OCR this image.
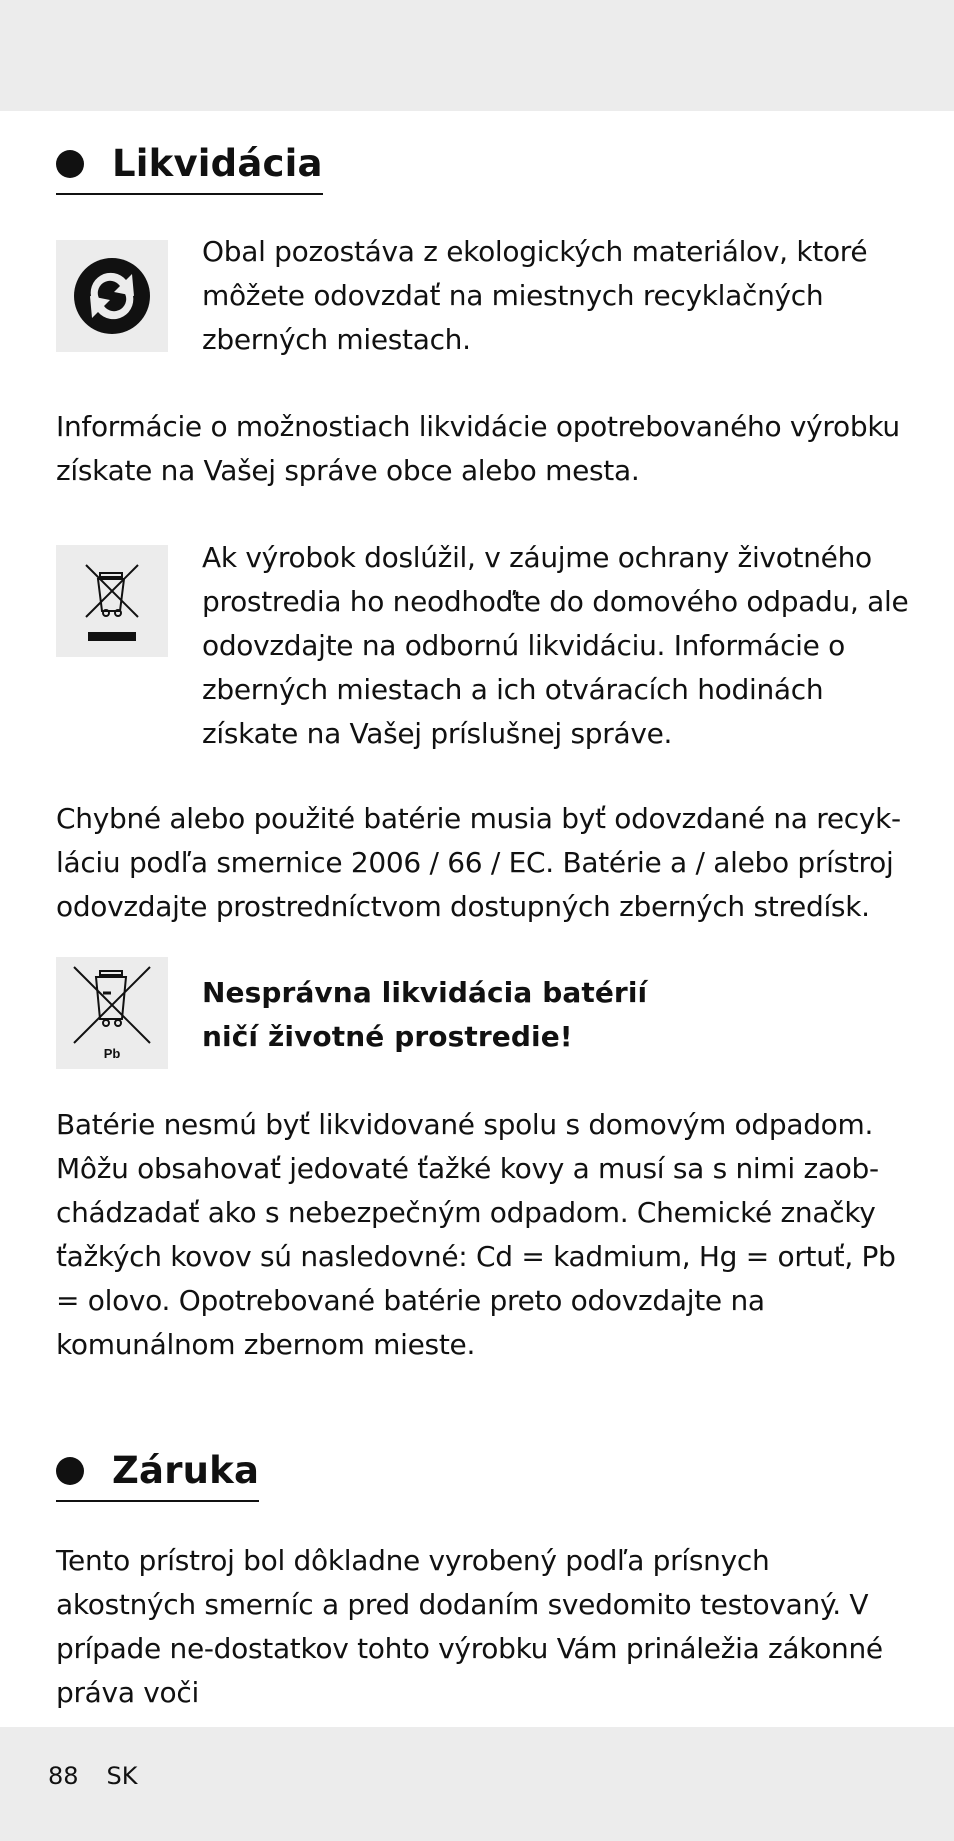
Likvidácia

Obal pozostáva z ekologických materiálov, ktoré môžete odovzdať na miestnych recyklačných zberných miestach.

Informácie o možnostiach likvidácie opotrebovaného výrobku získate na Vašej správe obce alebo mesta.

Ak výrobok doslúžil, v záujme ochrany životného prostredia ho neodhoďte do domového odpadu, ale odovzdajte na odbornú likvidáciu. Informácie o zberných miestach a ich otváracích hodinách získate na Vašej príslušnej správe.

Chybné alebo použité batérie musia byť odovzdané na recyk-láciu podľa smernice 2006 / 66 / EC. Batérie a / alebo prístroj odovzdajte prostredníctvom dostupných zberných stredísk.

Pb

Nesprávna likvidácia batérií
ničí životné prostredie!

Batérie nesmú byť likvidované spolu s domovým odpadom. Môžu obsahovať jedovaté ťažké kovy a musí sa s nimi zaob-chádzadať ako s nebezpečným odpadom. Chemické značky ťažkých kovov sú nasledovné: Cd = kadmium, Hg = ortuť, Pb = olovo. Opotrebované batérie preto odovzdajte na komunálnom zbernom mieste.

Záruka

Tento prístroj bol dôkladne vyrobený podľa prísnych akostných smerníc a pred dodaním svedomito testovaný. V prípade ne-dostatkov tohto výrobku Vám prináležia zákonné práva voči

88 SK
